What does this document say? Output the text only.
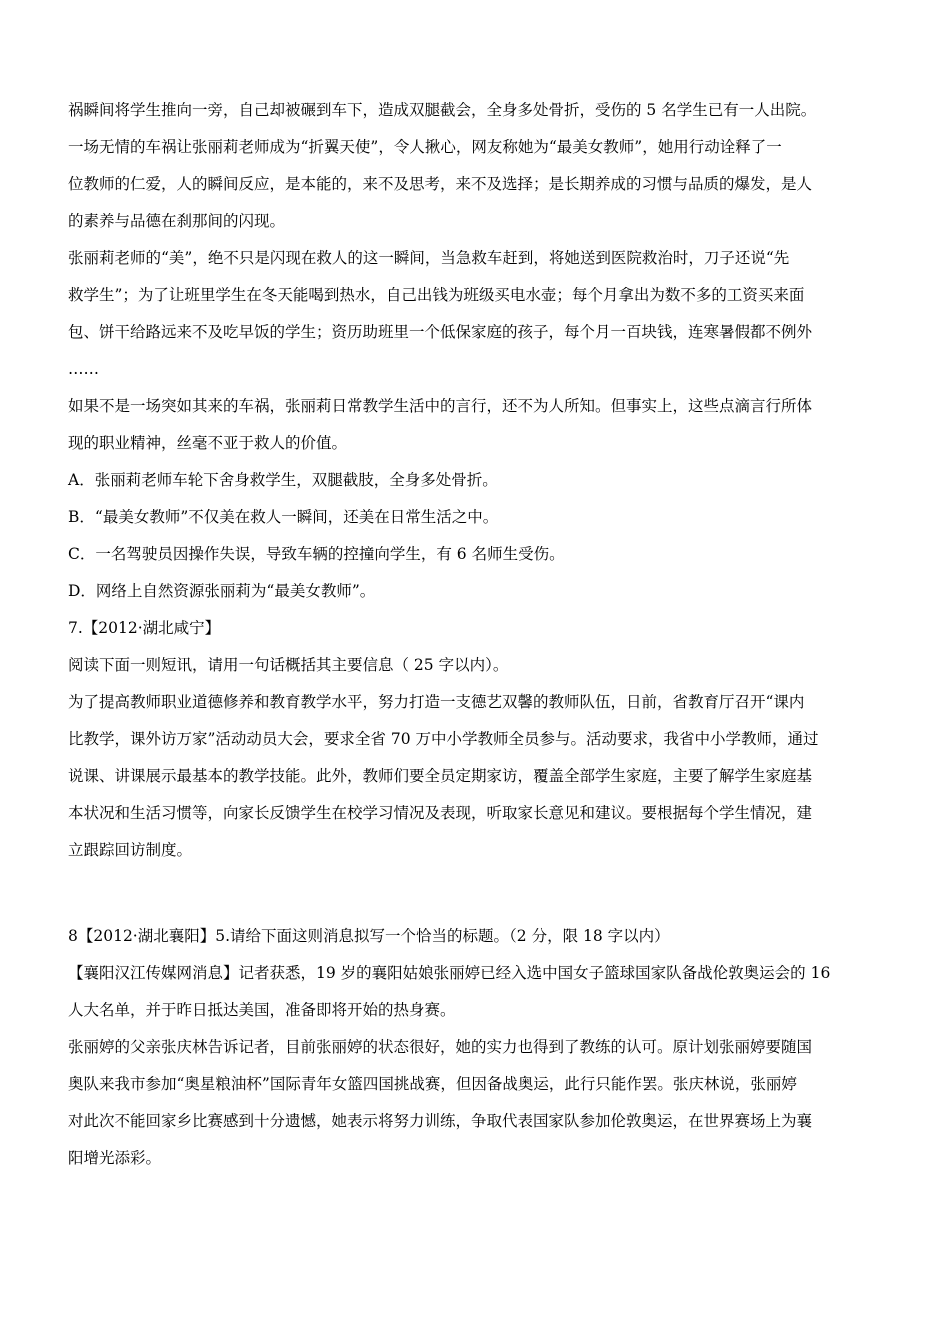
祸瞬间将学生推向一旁，自己却被碾到车下，造成双腿截会，全身多处骨折，受伤的 5 名学生已有一人出院。
一场无情的车祸让张丽莉老师成为“折翼天使”，令人揪心，网友称她为“最美女教师”，她用行动诠释了一
位教师的仁爱，人的瞬间反应，是本能的，来不及思考，来不及选择；是长期养成的习惯与品质的爆发，是人
的素养与品德在刹那间的闪现。
张丽莉老师的“美”，绝不只是闪现在救人的这一瞬间，当急救车赶到，将她送到医院救治时，刀子还说“先
救学生”；为了让班里学生在冬天能喝到热水，自己出钱为班级买电水壶；每个月拿出为数不多的工资买来面
包、饼干给路远来不及吃早饭的学生；资历助班里一个低保家庭的孩子，每个月一百块钱，连寒暑假都不例外
……
如果不是一场突如其来的车祸，张丽莉日常教学生活中的言行，还不为人所知。但事实上，这些点滴言行所体
现的职业精神，丝毫不亚于救人的价值。
A．张丽莉老师车轮下舍身救学生，双腿截肢，全身多处骨折。
B．“最美女教师”不仅美在救人一瞬间，还美在日常生活之中。
C．一名驾驶员因操作失误，导致车辆的控撞向学生，有 6 名师生受伤。
D．网络上自然资源张丽莉为“最美女教师”。
7.【2012·湖北咸宁】
阅读下面一则短讯，请用一句话概括其主要信息（ 25 字以内）。
为了提高教师职业道德修养和教育教学水平，努力打造一支德艺双馨的教师队伍，日前，省教育厅召开“课内
比教学，课外访万家”活动动员大会，要求全省 70 万中小学教师全员参与。活动要求，我省中小学教师，通过
说课、讲课展示最基本的教学技能。此外，教师们要全员定期家访，覆盖全部学生家庭，主要了解学生家庭基
本状况和生活习惯等，向家长反馈学生在校学习情况及表现，听取家长意见和建议。要根据每个学生情况，建
立跟踪回访制度。
8【2012·湖北襄阳】5.请给下面这则消息拟写一个恰当的标题。（2 分，限 18 字以内）
【襄阳汉江传媒网消息】记者获悉，19 岁的襄阳姑娘张丽婷已经入选中国女子篮球国家队备战伦敦奥运会的 16
人大名单，并于昨日抵达美国，准备即将开始的热身赛。
张丽婷的父亲张庆林告诉记者，目前张丽婷的状态很好，她的实力也得到了教练的认可。原计划张丽婷要随国
奥队来我市参加“奥星粮油杯”国际青年女篮四国挑战赛，但因备战奥运，此行只能作罢。张庆林说，张丽婷
对此次不能回家乡比赛感到十分遗憾，她表示将努力训练，争取代表国家队参加伦敦奥运，在世界赛场上为襄
阳增光添彩。
